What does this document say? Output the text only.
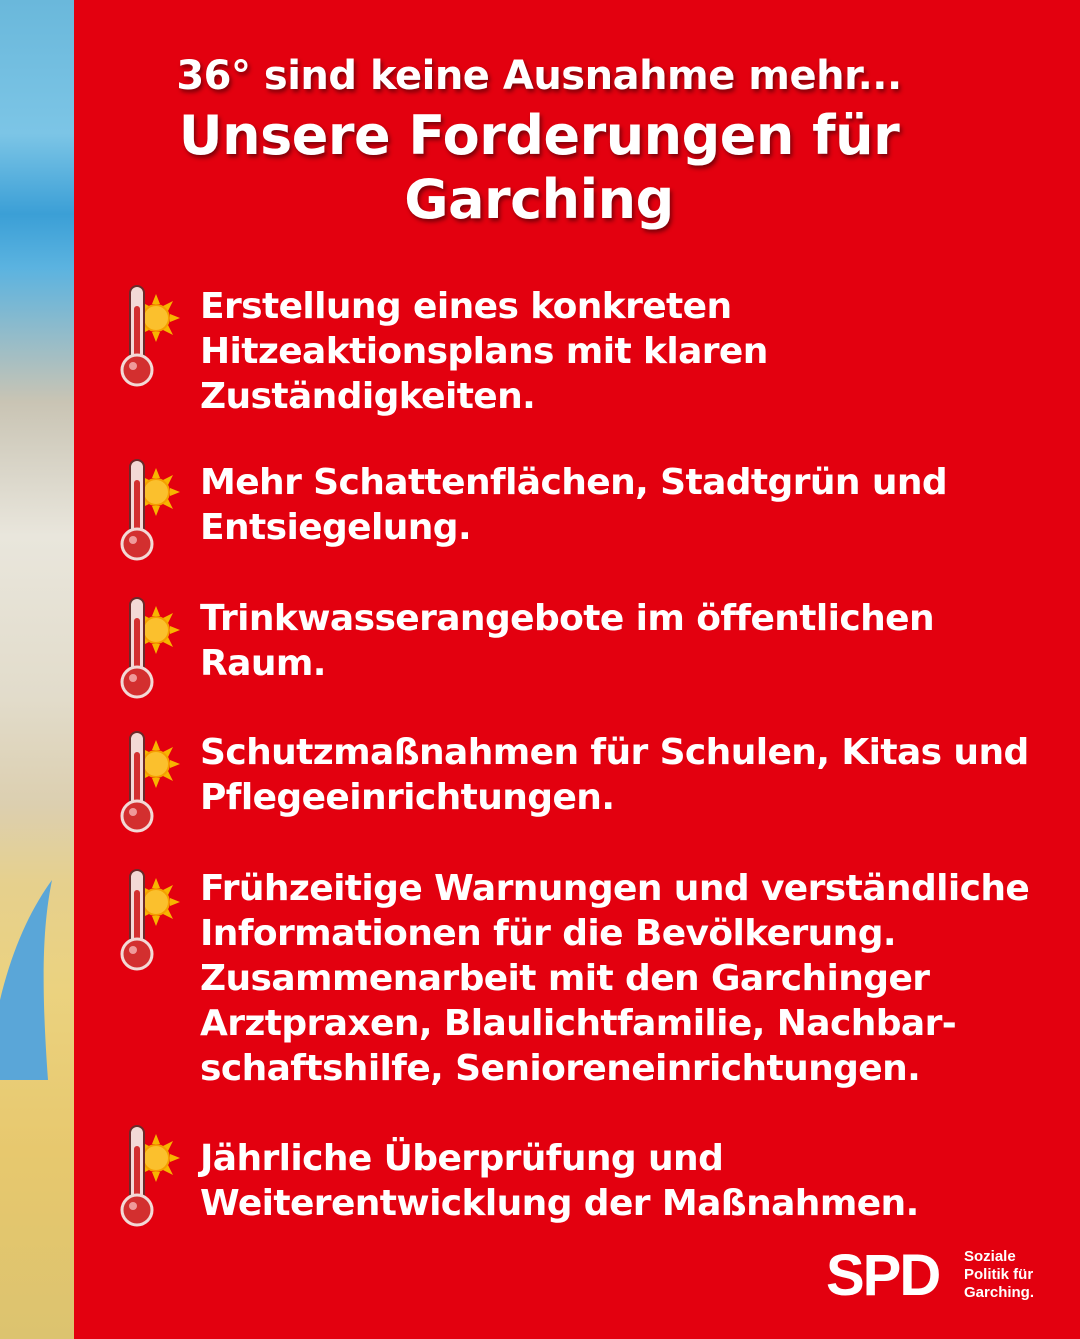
36° sind keine Ausnahme mehr...
Unsere Forderungen für Garching
Erstellung eines konkreten
Hitzeaktionsplans mit klaren
Zuständigkeiten.
Mehr Schattenflächen, Stadtgrün und
Entsiegelung.
Trinkwasserangebote im öffentlichen
Raum.
Schutzmaßnahmen für Schulen, Kitas und
Pflegeeinrichtungen.
Frühzeitige Warnungen und verständliche
Informationen für die Bevölkerung.
Zusammenarbeit mit den Garchinger
Arztpraxen, Blaulichtfamilie, Nachbar-
schaftshilfe, Senioreneinrichtungen.
Jährliche Überprüfung und
Weiterentwicklung der Maßnahmen.
SPD Soziale
Politik für
Garching.
